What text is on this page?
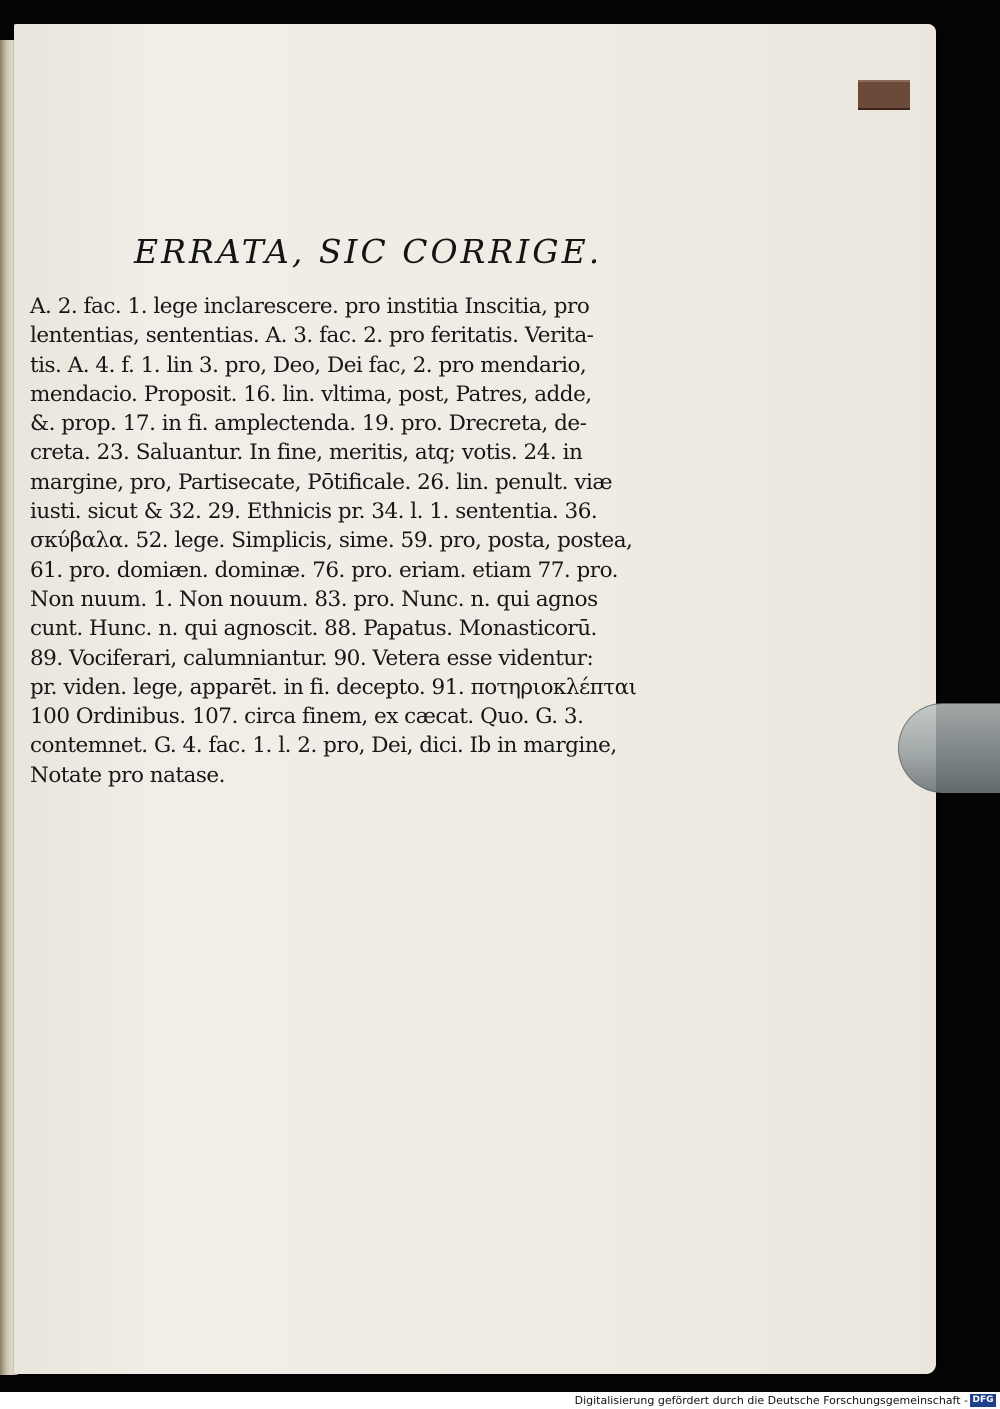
ERRATA, SIC CORRIGE.

A. 2. fac. 1. lege inclarescere. pro institia Inscitia, pro

lententias, sententias. A. 3. fac. 2. pro feritatis. Verita-

tis. A. 4. f. 1. lin 3. pro, Deo, Dei fac, 2. pro mendario,

mendacio. Proposit. 16. lin. vltima, post, Patres, adde,

&. prop. 17. in fi. amplectenda. 19. pro. Drecreta, de-

creta. 23. Saluantur. In fine, meritis, atq; votis. 24. in

margine, pro, Partisecate, Pōtificale. 26. lin. penult. viæ

iusti. sicut & 32. 29. Ethnicis pr. 34. l. 1. sententia. 36.

σκύβαλα. 52. lege. Simplicis, sime. 59. pro, posta, postea,

61. pro. domiæn. dominæ. 76. pro. eriam. etiam 77. pro.

Non nuum. 1. Non nouum. 83. pro. Nunc. n. qui agnos

cunt. Hunc. n. qui agnoscit. 88. Papatus. Monasticorū.

89. Vociferari, calumniantur. 90. Vetera esse videntur:

pr. viden. lege, apparēt. in fi. decepto. 91. ποτηριοκλέπται

100 Ordinibus. 107. circa finem, ex cæcat. Quo. G. 3.

contemnet. G. 4. fac. 1. l. 2. pro, Dei, dici. Ib in margine,

Notate pro natase.

Digitalisierung gefördert durch die Deutsche Forschungsgemeinschaft - DFG
